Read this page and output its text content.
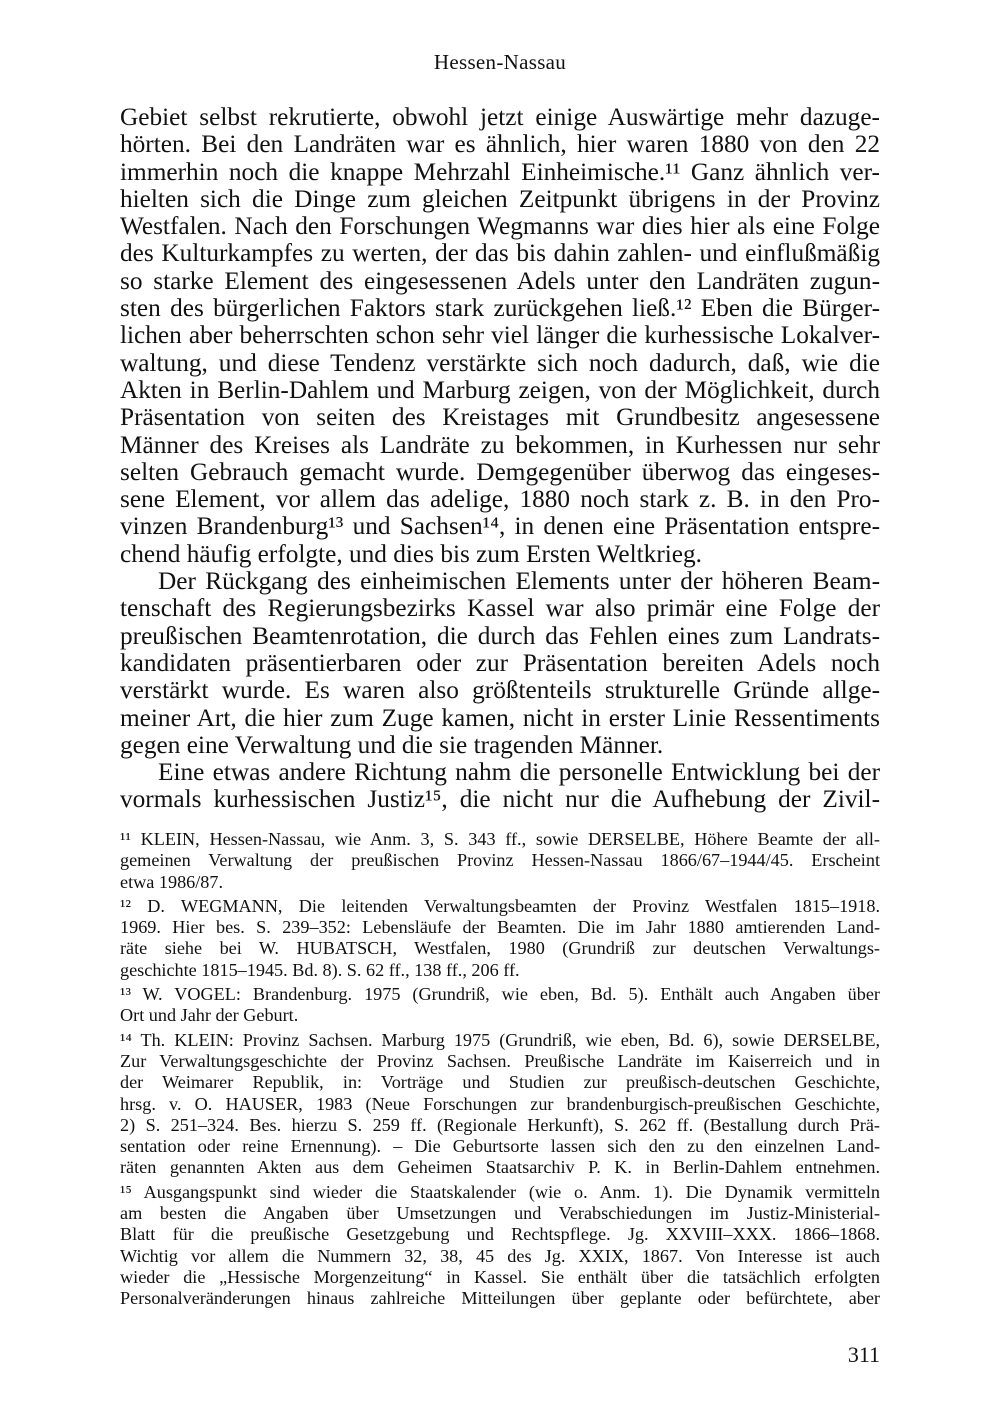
Hessen-Nassau
Gebiet selbst rekrutierte, obwohl jetzt einige Auswärtige mehr dazuge-
hörten. Bei den Landräten war es ähnlich, hier waren 1880 von den 22
immerhin noch die knappe Mehrzahl Einheimische.¹¹ Ganz ähnlich ver-
hielten sich die Dinge zum gleichen Zeitpunkt übrigens in der Provinz
Westfalen. Nach den Forschungen Wegmanns war dies hier als eine Folge
des Kulturkampfes zu werten, der das bis dahin zahlen- und einflußmäßig
so starke Element des eingesessenen Adels unter den Landräten zugun-
sten des bürgerlichen Faktors stark zurückgehen ließ.¹² Eben die Bürger-
lichen aber beherrschten schon sehr viel länger die kurhessische Lokalver-
waltung, und diese Tendenz verstärkte sich noch dadurch, daß, wie die
Akten in Berlin-Dahlem und Marburg zeigen, von der Möglichkeit, durch
Präsentation von seiten des Kreistages mit Grundbesitz angesessene
Männer des Kreises als Landräte zu bekommen, in Kurhessen nur sehr
selten Gebrauch gemacht wurde. Demgegenüber überwog das eingeses-
sene Element, vor allem das adelige, 1880 noch stark z. B. in den Pro-
vinzen Brandenburg¹³ und Sachsen¹⁴, in denen eine Präsentation entspre-
chend häufig erfolgte, und dies bis zum Ersten Weltkrieg.
Der Rückgang des einheimischen Elements unter der höheren Beam-
tenschaft des Regierungsbezirks Kassel war also primär eine Folge der
preußischen Beamtenrotation, die durch das Fehlen eines zum Landrats-
kandidaten präsentierbaren oder zur Präsentation bereiten Adels noch
verstärkt wurde. Es waren also größtenteils strukturelle Gründe allge-
meiner Art, die hier zum Zuge kamen, nicht in erster Linie Ressentiments
gegen eine Verwaltung und die sie tragenden Männer.
Eine etwas andere Richtung nahm die personelle Entwicklung bei der
vormals kurhessischen Justiz¹⁵, die nicht nur die Aufhebung der Zivil-
¹¹ KLEIN, Hessen-Nassau, wie Anm. 3, S. 343 ff., sowie DERSELBE, Höhere Beamte der all-
gemeinen Verwaltung der preußischen Provinz Hessen-Nassau 1866/67–1944/45. Erscheint
etwa 1986/87.
¹² D. WEGMANN, Die leitenden Verwaltungsbeamten der Provinz Westfalen 1815–1918.
1969. Hier bes. S. 239–352: Lebensläufe der Beamten. Die im Jahr 1880 amtierenden Land-
räte siehe bei W. HUBATSCH, Westfalen, 1980 (Grundriß zur deutschen Verwaltungs-
geschichte 1815–1945. Bd. 8). S. 62 ff., 138 ff., 206 ff.
¹³ W. VOGEL: Brandenburg. 1975 (Grundriß, wie eben, Bd. 5). Enthält auch Angaben über
Ort und Jahr der Geburt.
¹⁴ Th. KLEIN: Provinz Sachsen. Marburg 1975 (Grundriß, wie eben, Bd. 6), sowie DERSELBE,
Zur Verwaltungsgeschichte der Provinz Sachsen. Preußische Landräte im Kaiserreich und in
der Weimarer Republik, in: Vorträge und Studien zur preußisch-deutschen Geschichte,
hrsg. v. O. HAUSER, 1983 (Neue Forschungen zur brandenburgisch-preußischen Geschichte,
2) S. 251–324. Bes. hierzu S. 259 ff. (Regionale Herkunft), S. 262 ff. (Bestallung durch Prä-
sentation oder reine Ernennung). – Die Geburtsorte lassen sich den zu den einzelnen Land-
räten genannten Akten aus dem Geheimen Staatsarchiv P. K. in Berlin-Dahlem entnehmen.
¹⁵ Ausgangspunkt sind wieder die Staatskalender (wie o. Anm. 1). Die Dynamik vermitteln
am besten die Angaben über Umsetzungen und Verabschiedungen im Justiz-Ministerial-
Blatt für die preußische Gesetzgebung und Rechtspflege. Jg. XXVIII–XXX. 1866–1868.
Wichtig vor allem die Nummern 32, 38, 45 des Jg. XXIX, 1867. Von Interesse ist auch
wieder die „Hessische Morgenzeitung“ in Kassel. Sie enthält über die tatsächlich erfolgten
Personalveränderungen hinaus zahlreiche Mitteilungen über geplante oder befürchtete, aber
311
